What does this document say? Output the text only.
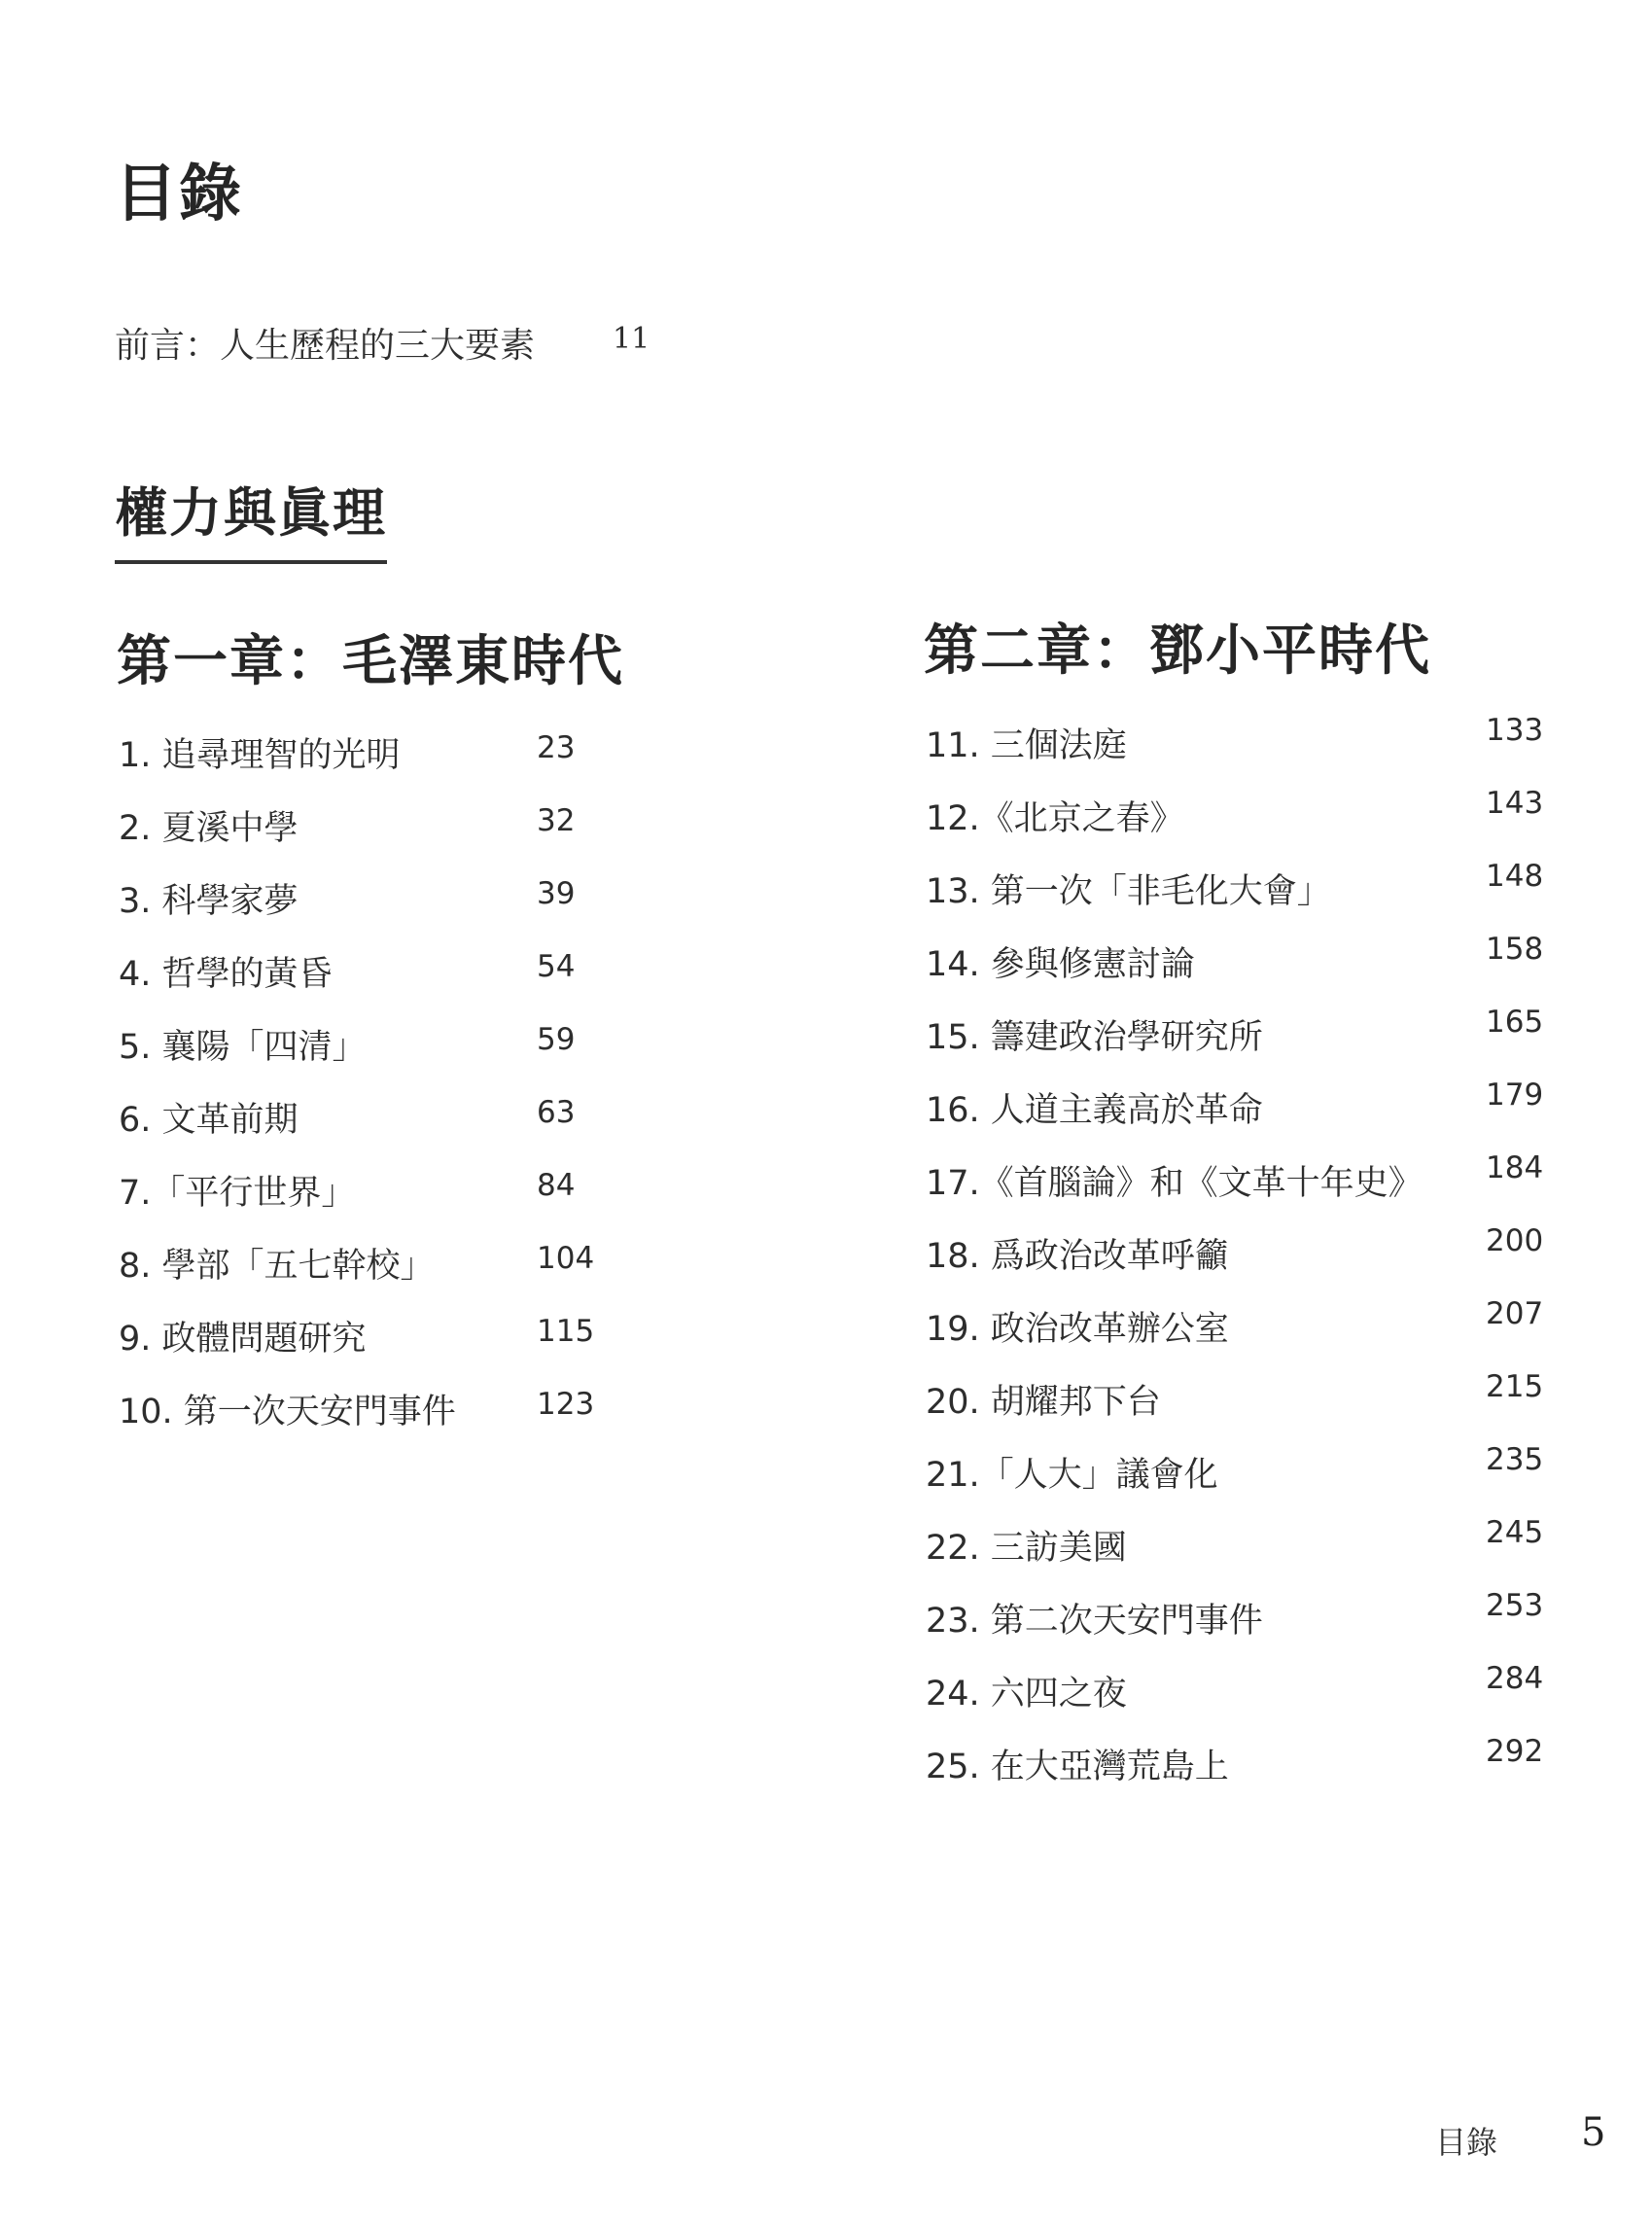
目錄
前言：人生歷程的三大要素	11
權力與眞理
第一章：毛澤東時代	第二章：鄧小平時代
1. 追尋理智的光明	23
2. 夏溪中學	32
3. 科學家夢	39
4. 哲學的黃昏	54
5. 襄陽「四清」	59
6. 文革前期	63
7.「平行世界」	84
8. 學部「五七幹校」	104
9. 政體問題研究	115
10. 第一次天安門事件	123
11. 三個法庭	133
12.《北京之春》	143
13. 第一次「非毛化大會」	148
14. 參與修憲討論	158
15. 籌建政治學研究所	165
16. 人道主義高於革命	179
17.《首腦論》和《文革十年史》 184
18. 爲政治改革呼籲	200
19. 政治改革辦公室	207
20. 胡耀邦下台	215
21.「人大」議會化	235
22. 三訪美國	245
23. 第二次天安門事件	253
24. 六四之夜	284
25. 在大亞灣荒島上	292
目錄 5
